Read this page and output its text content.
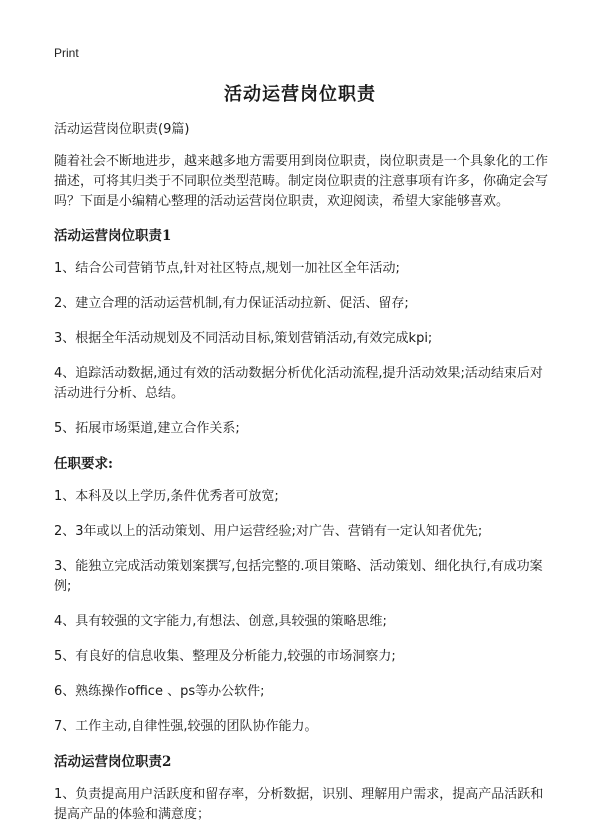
Print
活动运营岗位职责

活动运营岗位职责(9篇)

随着社会不断地进步，越来越多地方需要用到岗位职责，岗位职责是一个具象化的工作描述，可将其归类于不同职位类型范畴。制定岗位职责的注意事项有许多，你确定会写吗？下面是小编精心整理的活动运营岗位职责，欢迎阅读，希望大家能够喜欢。

活动运营岗位职责1

1、结合公司营销节点,针对社区特点,规划一加社区全年活动;

2、建立合理的活动运营机制,有力保证活动拉新、促活、留存;

3、根据全年活动规划及不同活动目标,策划营销活动,有效完成kpi;

4、追踪活动数据,通过有效的活动数据分析优化活动流程,提升活动效果;活动结束后对活动进行分析、总结。

5、拓展市场渠道,建立合作关系;

任职要求:

1、本科及以上学历,条件优秀者可放宽;

2、3年或以上的活动策划、用户运营经验;对广告、营销有一定认知者优先;

3、能独立完成活动策划案撰写,包括完整的.项目策略、活动策划、细化执行,有成功案例;

4、具有较强的文字能力,有想法、创意,具较强的策略思维;

5、有良好的信息收集、整理及分析能力,较强的市场洞察力;

6、熟练操作office 、ps等办公软件;

7、工作主动,自律性强,较强的团队协作能力。

活动运营岗位职责2

1、负责提高用户活跃度和留存率，分析数据，识别、理解用户需求，提高产品活跃和提高产品的体验和满意度；
